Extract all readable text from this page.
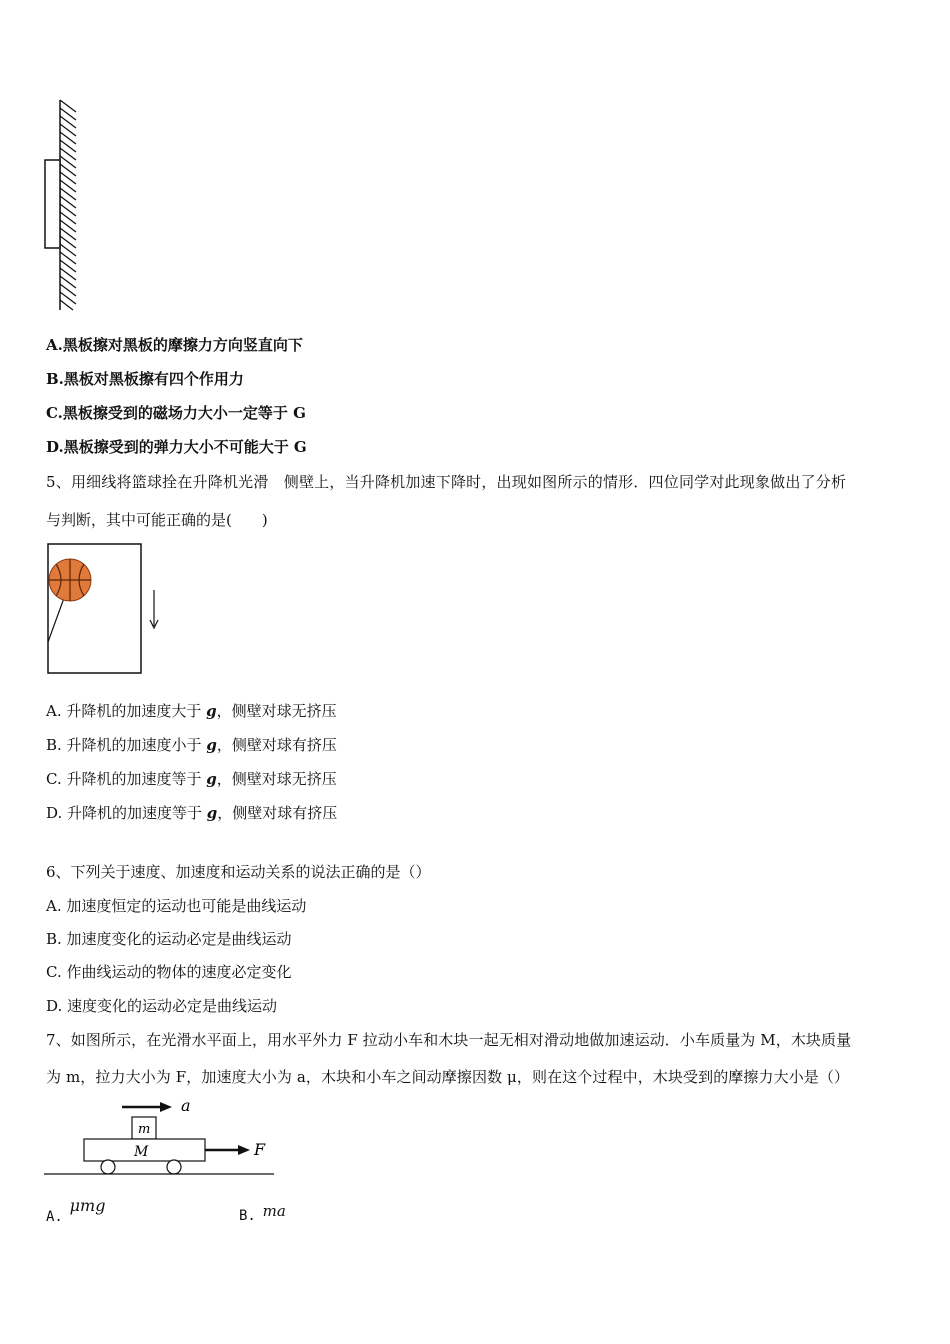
A.黑板擦对黑板的摩擦力方向竖直向下
B.黑板对黑板擦有四个作用力
C.黑板擦受到的磁场力大小一定等于 G
D.黑板擦受到的弹力大小不可能大于 G
5、用细线将篮球拴在升降机光滑　侧壁上，当升降机加速下降时，出现如图所示的情形．四位同学对此现象做出了分析
与判断，其中可能正确的是(　　)
A. 升降机的加速度大于 g，侧壁对球无挤压
B. 升降机的加速度小于 g，侧壁对球有挤压
C. 升降机的加速度等于 g，侧壁对球无挤压
D. 升降机的加速度等于 g，侧壁对球有挤压
6、下列关于速度、加速度和运动关系的说法正确的是（）
A. 加速度恒定的运动也可能是曲线运动
B. 加速度变化的运动必定是曲线运动
C. 作曲线运动的物体的速度必定变化
D. 速度变化的运动必定是曲线运动
7、如图所示，在光滑水平面上，用水平外力 F 拉动小车和木块一起无相对滑动地做加速运动．小车质量为 M，木块质量
为 m，拉力大小为 F，加速度大小为 a，木块和小车之间动摩擦因数 μ，则在这个过程中，木块受到的摩擦力大小是（）
a
m
M	F
A. μmg
B. ma
